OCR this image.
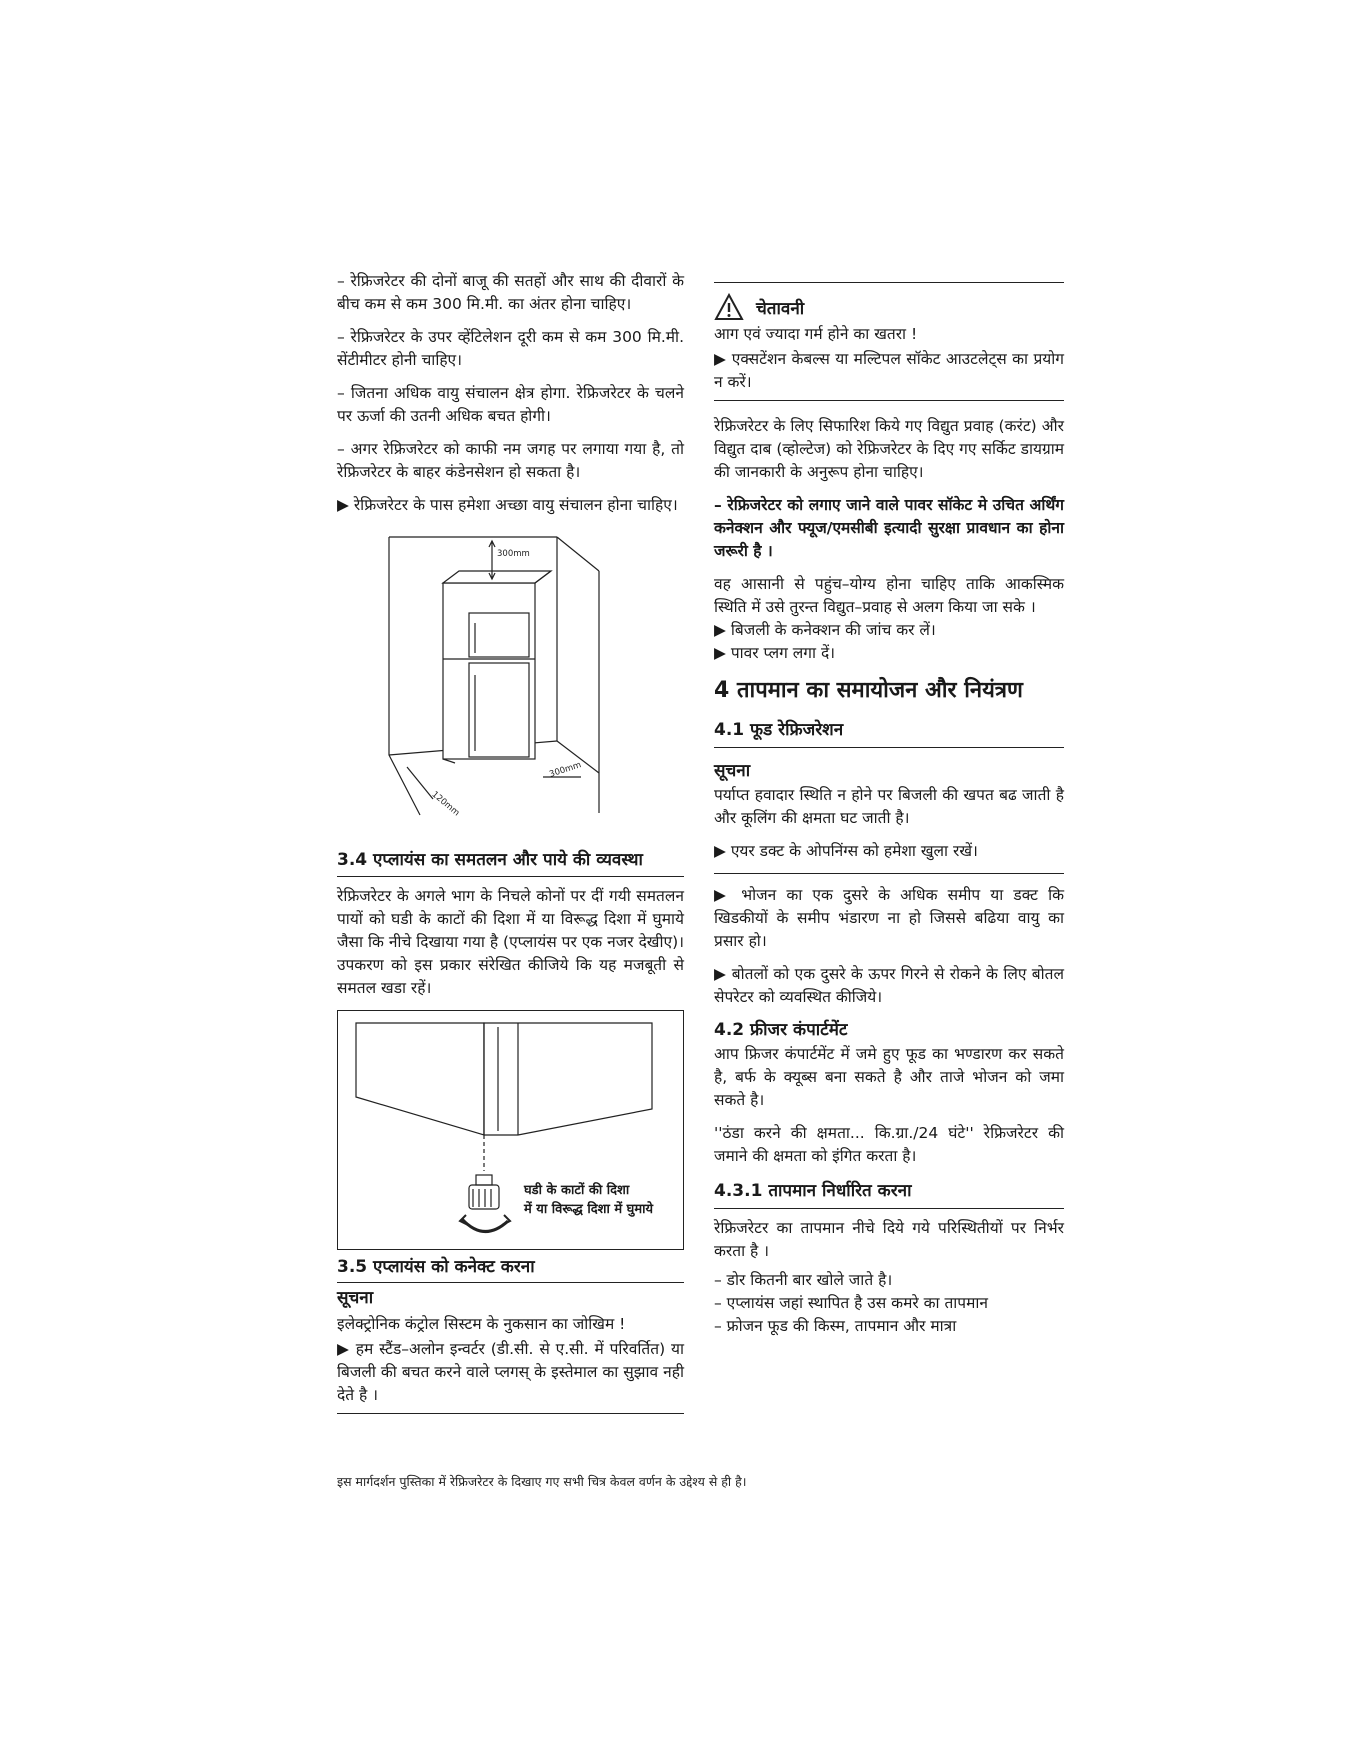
– रेफ्रिजरेटर की दोनों बाजू की सतहों और साथ की दीवारों के बीच कम से कम 300 मि.मी. का अंतर होना चाहिए।

– रेफ्रिजरेटर के उपर व्हेंटिलेशन दूरी कम से कम 300 मि.मी. सेंटीमीटर होनी चाहिए।

– जितना अधिक वायु संचालन क्षेत्र होगा. रेफ्रिजरेटर के चलने पर ऊर्जा की उतनी अधिक बचत होगी।

– अगर रेफ्रिजरेटर को काफी नम जगह पर लगाया गया है, तो रेफ्रिजरेटर के बाहर कंडेनसेशन हो सकता है।

▶ रेफ्रिजरेटर के पास हमेशा अच्छा वायु संचालन होना चाहिए।

300mm
300mm
120mm
3.4 एप्लायंस का समतलन और पाये की व्यवस्था

रेफ्रिजरेटर के अगले भाग के निचले कोनों पर दीं गयी समतलन पायों को घडी के काटों की दिशा में या विरूद्ध दिशा में घुमाये जैसा कि नीचे दिखाया गया है (एप्लायंस पर एक नजर देखीए)। उपकरण को इस प्रकार संरेखित कीजिये कि यह मजबूती से समतल खडा रहें।

घडी के काटों की दिशा
में या विरूद्ध दिशा में घुमाये
3.5 एप्लायंस को कनेक्ट करना
सूचना

इलेक्ट्रोनिक कंट्रोल सिस्टम के नुकसान का जोखिम !

▶ हम स्टैंड–अलोन इन्वर्टर (डी.सी. से ए.सी. में परिवर्तित) या बिजली की बचत करने वाले प्लगस् के इस्तेमाल का सुझाव नही देते है ।

चेतावनी

आग एवं ज्यादा गर्म होने का खतरा !

▶ एक्सटेंशन केबल्स या मल्टिपल सॉकेट आउटलेट्स का प्रयोग न करें।

रेफ्रिजरेटर के लिए सिफारिश किये गए विद्युत प्रवाह (करंट) और विद्युत दाब (व्होल्टेज) को रेफ्रिजरेटर के दिए गए सर्किट डायग्राम की जानकारी के अनुरूप होना चाहिए।

– रेफ्रिजरेटर को लगाए जाने वाले पावर सॉकेट मे उचित अर्थिंग कनेक्शन और फ्यूज/एमसीबी इत्यादी सुरक्षा प्रावधान का होना जरूरी है ।

वह आसानी से पहुंच–योग्य होना चाहिए ताकि आकस्मिक स्थिति में उसे तुरन्त विद्युत–प्रवाह से अलग किया जा सके ।

▶ बिजली के कनेक्शन की जांच कर लें।

▶ पावर प्लग लगा दें।

4 तापमान का समायोजन और नियंत्रण
4.1 फूड रेफ्रिजरेशन
सूचना

पर्याप्त हवादार स्थिति न होने पर बिजली की खपत बढ जाती है और कूलिंग की क्षमता घट जाती है।

▶ एयर डक्ट के ओपनिंग्स को हमेशा खुला रखें।

▶ भोजन का एक दुसरे के अधिक समीप या डक्ट कि खिडकीयों के समीप भंडारण ना हो जिससे बढिया वायु का प्रसार हो।

▶ बोतलों को एक दुसरे के ऊपर गिरने से रोकने के लिए बोतल सेपरेटर को व्यवस्थित कीजिये।

4.2 फ्रीजर कंपार्टमेंट

आप फ्रिजर कंपार्टमेंट में जमे हुए फूड का भण्डारण कर सकते है, बर्फ के क्यूब्स बना सकते है और ताजे भोजन को जमा सकते है।

''ठंडा करने की क्षमता... कि.ग्रा./24 घंटे'' रेफ्रिजरेटर की जमाने की क्षमता को इंगित करता है।

4.3.1 तापमान निर्धारित करना

रेफ्रिजरेटर का तापमान नीचे दिये गये परिस्थितीयों पर निर्भर करता है ।

– डोर कितनी बार खोले जाते है।

– एप्लायंस जहां स्थापित है उस कमरे का तापमान

– फ्रोजन फूड की किस्म, तापमान और मात्रा

इस मार्गदर्शन पुस्तिका में रेफ्रिजरेटर के दिखाए गए सभी चित्र केवल वर्णन के उद्देश्य से ही है।
